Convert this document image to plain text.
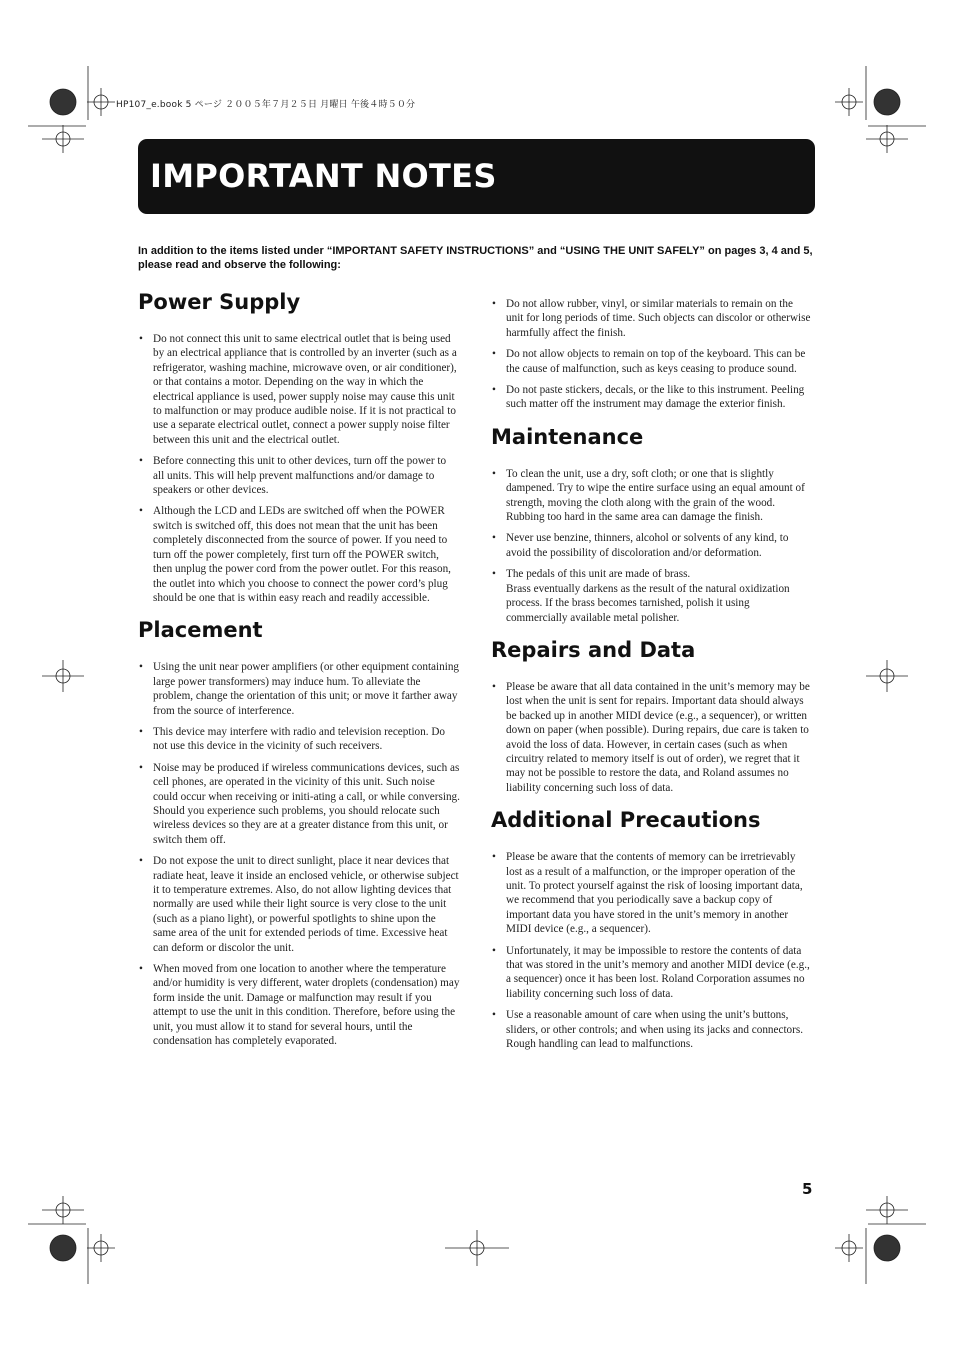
HP107_e.book 5 ページ ２００５年７月２５日 月曜日 午後４時５０分
IMPORTANT NOTES
In addition to the items listed under “IMPORTANT SAFETY INSTRUCTIONS” and “USING THE UNIT SAFELY” on pages 3, 4 and 5, please read and observe the following:
Power Supply
• Do not connect this unit to same electrical outlet that is being used by an electrical appliance that is controlled by an inverter (such as a refrigerator, washing machine, microwave oven, or air conditioner), or that contains a motor. Depending on the way in which the electrical appliance is used, power supply noise may cause this unit to malfunction or may produce audible noise. If it is not practical to use a separate electrical outlet, connect a power supply noise filter between this unit and the electrical outlet.
• Before connecting this unit to other devices, turn off the power to all units. This will help prevent malfunctions and/or damage to speakers or other devices.
• Although the LCD and LEDs are switched off when the POWER switch is switched off, this does not mean that the unit has been completely disconnected from the source of power. If you need to turn off the power completely, first turn off the POWER switch, then unplug the power cord from the power outlet. For this reason, the outlet into which you choose to connect the power cord’s plug should be one that is within easy reach and readily accessible.
Placement
• Using the unit near power amplifiers (or other equipment containing large power transformers) may induce hum. To alleviate the problem, change the orientation of this unit; or move it farther away from the source of interference.
• This device may interfere with radio and television reception. Do not use this device in the vicinity of such receivers.
• Noise may be produced if wireless communications devices, such as cell phones, are operated in the vicinity of this unit. Such noise could occur when receiving or initi-ating a call, or while conversing. Should you experience such problems, you should relocate such wireless devices so they are at a greater distance from this unit, or switch them off.
• Do not expose the unit to direct sunlight, place it near devices that radiate heat, leave it inside an enclosed vehicle, or otherwise subject it to temperature extremes. Also, do not allow lighting devices that normally are used while their light source is very close to the unit (such as a piano light), or powerful spotlights to shine upon the same area of the unit for extended periods of time. Excessive heat can deform or discolor the unit.
• When moved from one location to another where the temperature and/or humidity is very different, water droplets (condensation) may form inside the unit. Damage or malfunction may result if you attempt to use the unit in this condition. Therefore, before using the unit, you must allow it to stand for several hours, until the condensation has completely evaporated.
• Do not allow rubber, vinyl, or similar materials to remain on the unit for long periods of time. Such objects can discolor or otherwise harmfully affect the finish.
• Do not allow objects to remain on top of the keyboard. This can be the cause of malfunction, such as keys ceasing to produce sound.
• Do not paste stickers, decals, or the like to this instrument. Peeling such matter off the instrument may damage the exterior finish.
Maintenance
• To clean the unit, use a dry, soft cloth; or one that is slightly dampened. Try to wipe the entire surface using an equal amount of strength, moving the cloth along with the grain of the wood. Rubbing too hard in the same area can damage the finish.
• Never use benzine, thinners, alcohol or solvents of any kind, to avoid the possibility of discoloration and/or deformation.
• The pedals of this unit are made of brass.
Brass eventually darkens as the result of the natural oxidization process. If the brass becomes tarnished, polish it using commercially available metal polisher.
Repairs and Data
• Please be aware that all data contained in the unit’s memory may be lost when the unit is sent for repairs. Important data should always be backed up in another MIDI device (e.g., a sequencer), or written down on paper (when possible). During repairs, due care is taken to avoid the loss of data. However, in certain cases (such as when circuitry related to memory itself is out of order), we regret that it may not be possible to restore the data, and Roland assumes no liability concerning such loss of data.
Additional Precautions
• Please be aware that the contents of memory can be irretrievably lost as a result of a malfunction, or the improper operation of the unit. To protect yourself against the risk of loosing important data, we recommend that you periodically save a backup copy of important data you have stored in the unit’s memory in another MIDI device (e.g., a sequencer).
• Unfortunately, it may be impossible to restore the contents of data that was stored in the unit’s memory and another MIDI device (e.g., a sequencer) once it has been lost. Roland Corporation assumes no liability concerning such loss of data.
• Use a reasonable amount of care when using the unit’s buttons, sliders, or other controls; and when using its jacks and connectors. Rough handling can lead to malfunctions.
5
